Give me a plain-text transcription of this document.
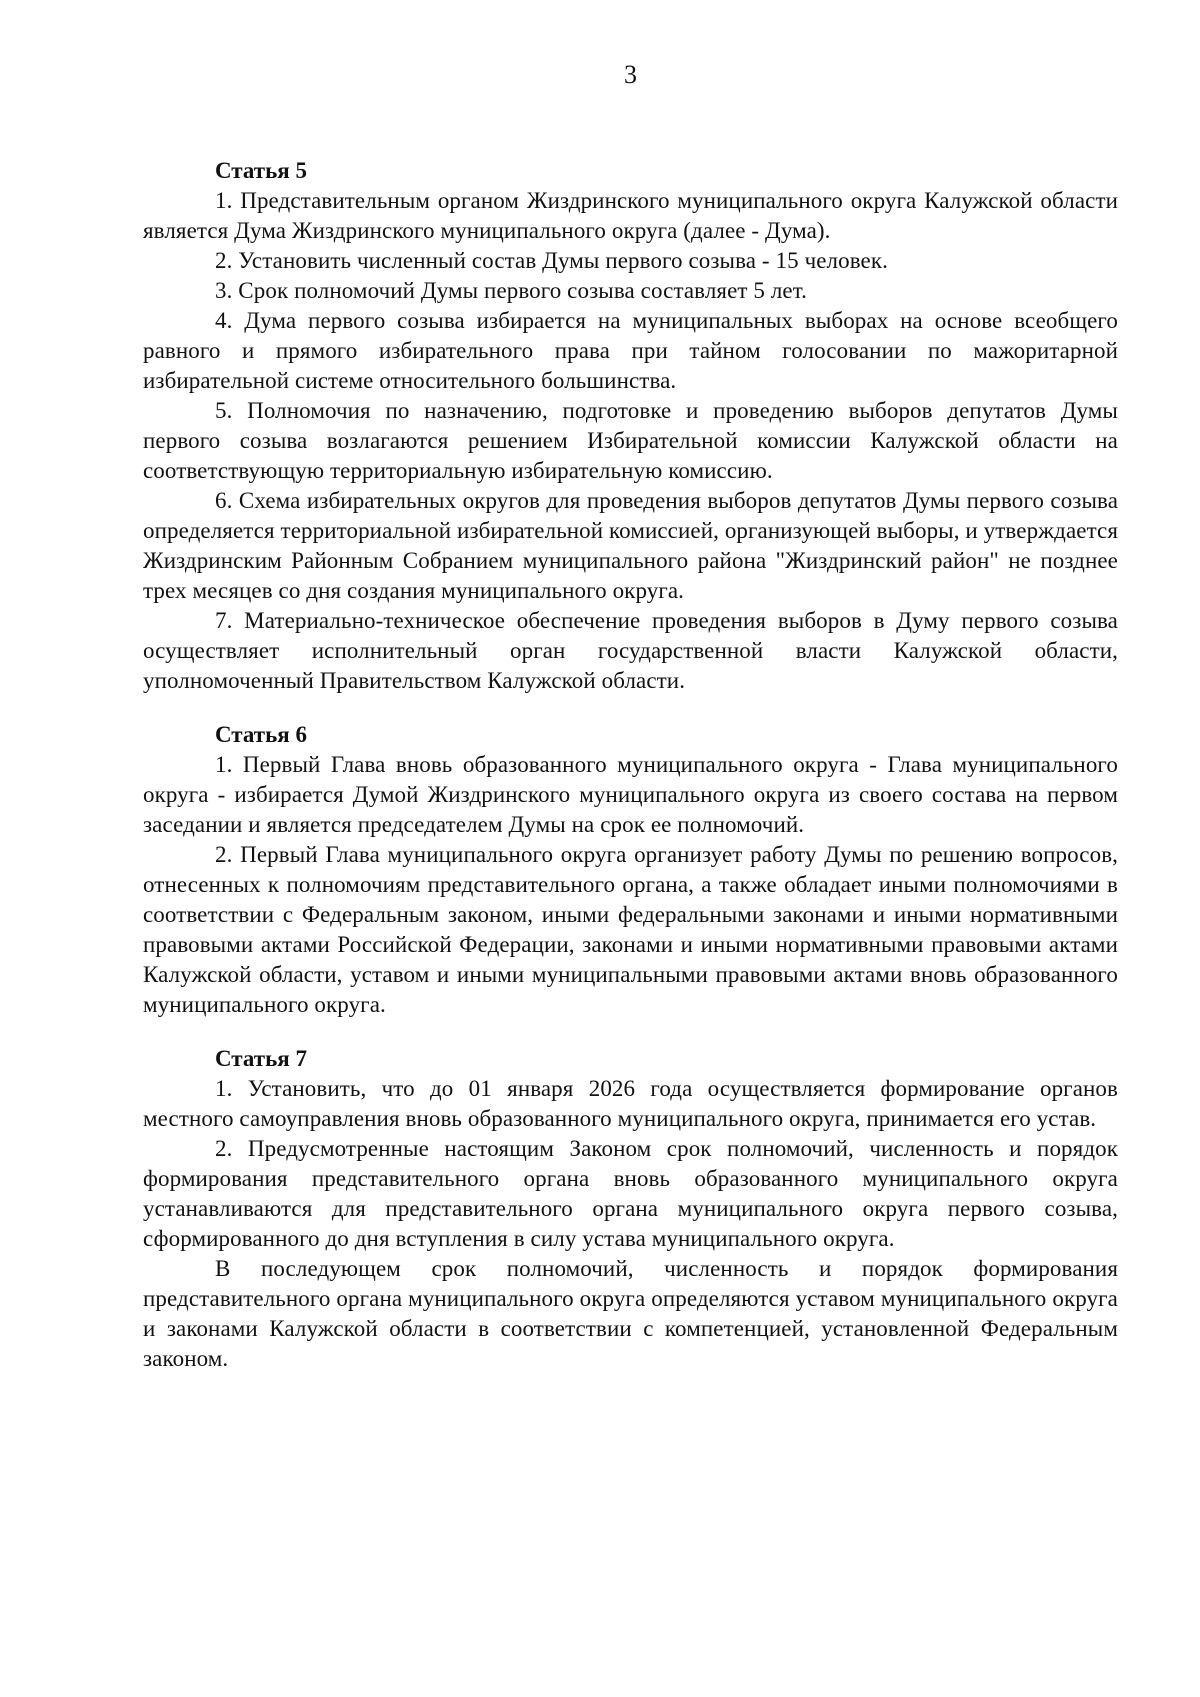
3

Статья 5

1. Представительным органом Жиздринского муниципального округа Калужской области является Дума Жиздринского муниципального округа (далее - Дума).

2. Установить численный состав Думы первого созыва - 15 человек.

3. Срок полномочий Думы первого созыва составляет 5 лет.

4. Дума первого созыва избирается на муниципальных выборах на основе всеобщего равного и прямого избирательного права при тайном голосовании по мажоритарной избирательной системе относительного большинства.

5. Полномочия по назначению, подготовке и проведению выборов депутатов Думы первого созыва возлагаются решением Избирательной комиссии Калужской области на соответствующую территориальную избирательную комиссию.

6. Схема избирательных округов для проведения выборов депутатов Думы первого созыва определяется территориальной избирательной комиссией, организующей выборы, и утверждается Жиздринским Районным Собранием муниципального района "Жиздринский район" не позднее трех месяцев со дня создания муниципального округа.

7. Материально-техническое обеспечение проведения выборов в Думу первого созыва осуществляет исполнительный орган государственной власти Калужской области, уполномоченный Правительством Калужской области.

Статья 6

1. Первый Глава вновь образованного муниципального округа - Глава муниципального округа - избирается Думой Жиздринского муниципального округа из своего состава на первом заседании и является председателем Думы на срок ее полномочий.

2. Первый Глава муниципального округа организует работу Думы по решению вопросов, отнесенных к полномочиям представительного органа, а также обладает иными полномочиями в соответствии с Федеральным законом, иными федеральными законами и иными нормативными правовыми актами Российской Федерации, законами и иными нормативными правовыми актами Калужской области, уставом и иными муниципальными правовыми актами вновь образованного муниципального округа.

Статья 7

1. Установить, что до 01 января 2026 года осуществляется формирование органов местного самоуправления вновь образованного муниципального округа, принимается его устав.

2. Предусмотренные настоящим Законом срок полномочий, численность и порядок формирования представительного органа вновь образованного муниципального округа устанавливаются для представительного органа муниципального округа первого созыва, сформированного до дня вступления в силу устава муниципального округа.

В последующем срок полномочий, численность и порядок формирования представительного органа муниципального округа определяются уставом муниципального округа и законами Калужской области в соответствии с компетенцией, установленной Федеральным законом.
